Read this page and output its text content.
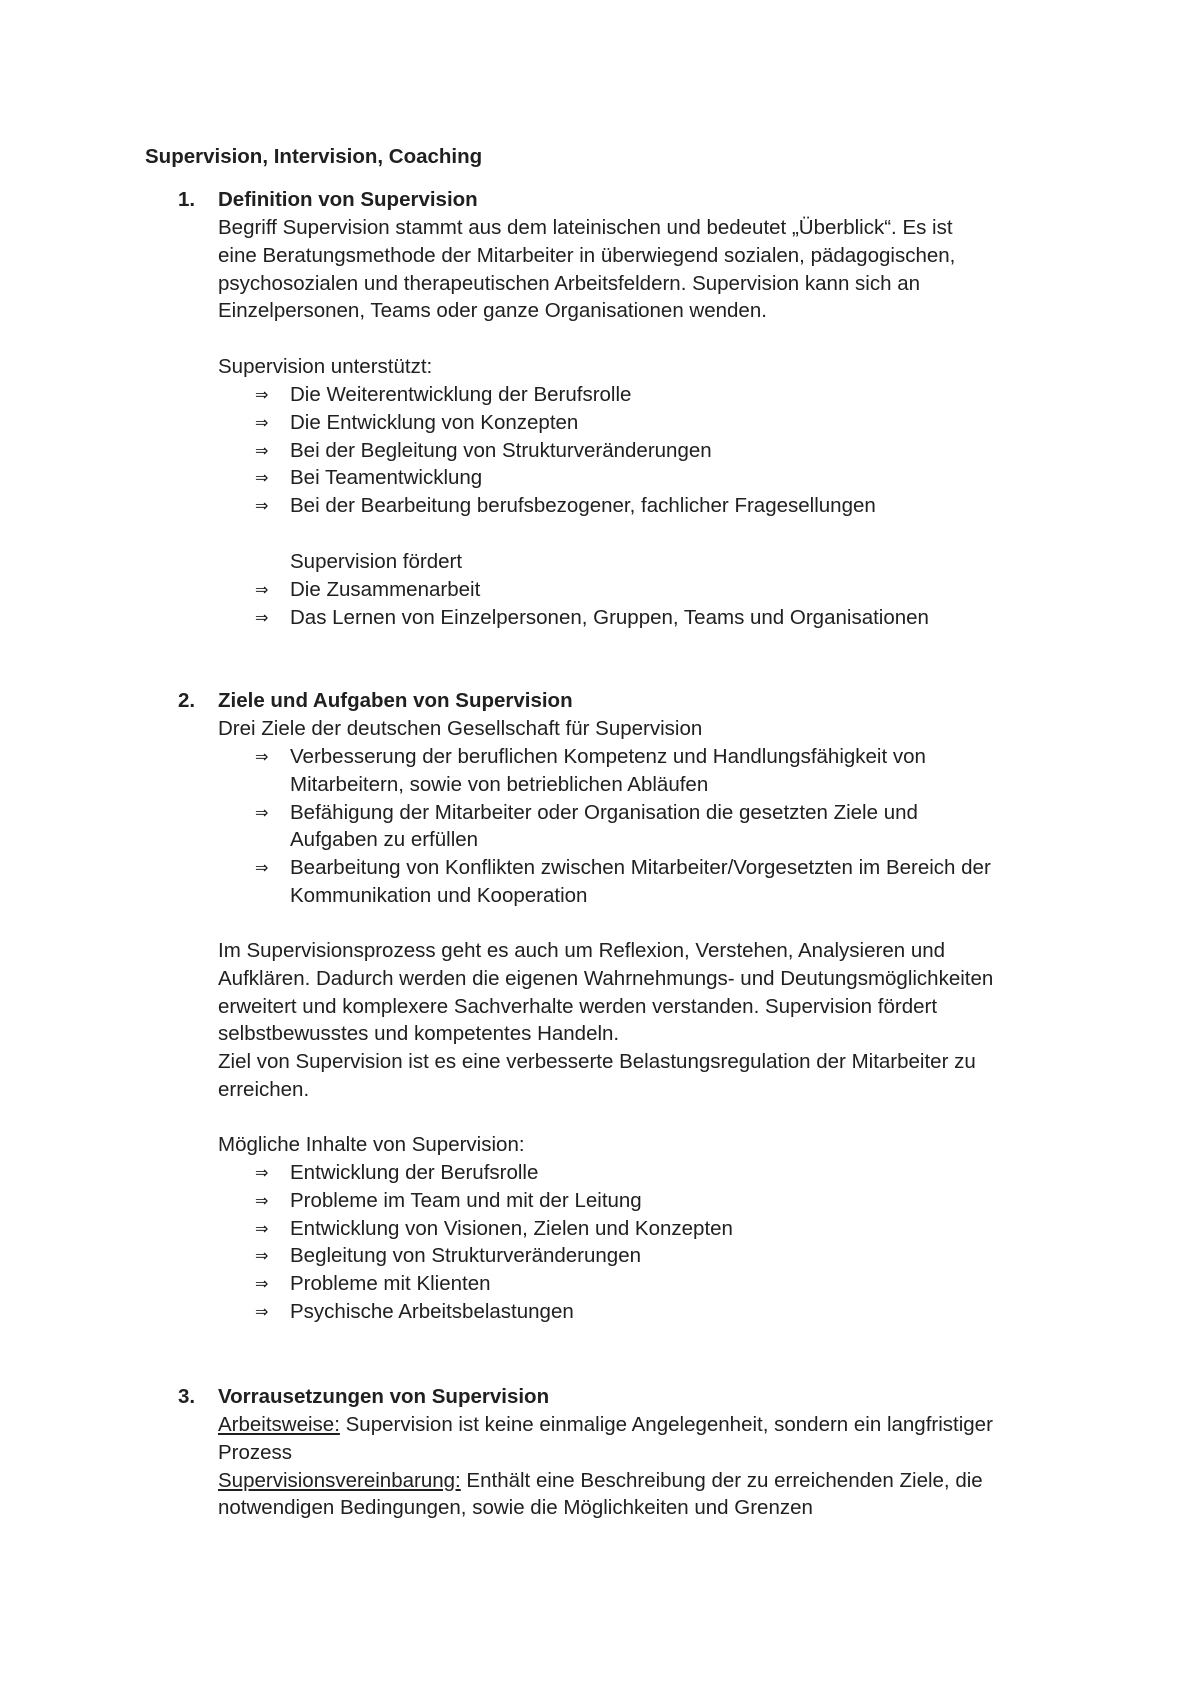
Supervision, Intervision, Coaching
1. Definition von Supervision
Begriff Supervision stammt aus dem lateinischen und bedeutet „Überblick“. Es ist
eine Beratungsmethode der Mitarbeiter in überwiegend sozialen, pädagogischen,
psychosozialen und therapeutischen Arbeitsfeldern. Supervision kann sich an
Einzelpersonen, Teams oder ganze Organisationen wenden.
Supervision unterstützt:
⇒ Die Weiterentwicklung der Berufsrolle
⇒ Die Entwicklung von Konzepten
⇒ Bei der Begleitung von Strukturveränderungen
⇒ Bei Teamentwicklung
⇒ Bei der Bearbeitung berufsbezogener, fachlicher Fragesellungen
Supervision fördert
⇒ Die Zusammenarbeit
⇒ Das Lernen von Einzelpersonen, Gruppen, Teams und Organisationen
2. Ziele und Aufgaben von Supervision
Drei Ziele der deutschen Gesellschaft für Supervision
⇒ Verbesserung der beruflichen Kompetenz und Handlungsfähigkeit von
Mitarbeitern, sowie von betrieblichen Abläufen
⇒ Befähigung der Mitarbeiter oder Organisation die gesetzten Ziele und
Aufgaben zu erfüllen
⇒ Bearbeitung von Konflikten zwischen Mitarbeiter/Vorgesetzten im Bereich der
Kommunikation und Kooperation
Im Supervisionsprozess geht es auch um Reflexion, Verstehen, Analysieren und
Aufklären. Dadurch werden die eigenen Wahrnehmungs- und Deutungsmöglichkeiten
erweitert und komplexere Sachverhalte werden verstanden. Supervision fördert
selbstbewusstes und kompetentes Handeln.
Ziel von Supervision ist es eine verbesserte Belastungsregulation der Mitarbeiter zu
erreichen.
Mögliche Inhalte von Supervision:
⇒ Entwicklung der Berufsrolle
⇒ Probleme im Team und mit der Leitung
⇒ Entwicklung von Visionen, Zielen und Konzepten
⇒ Begleitung von Strukturveränderungen
⇒ Probleme mit Klienten
⇒ Psychische Arbeitsbelastungen
3. Vorrausetzungen von Supervision
Arbeitsweise: Supervision ist keine einmalige Angelegenheit, sondern ein langfristiger
Prozess
Supervisionsvereinbarung: Enthält eine Beschreibung der zu erreichenden Ziele, die
notwendigen Bedingungen, sowie die Möglichkeiten und Grenzen
